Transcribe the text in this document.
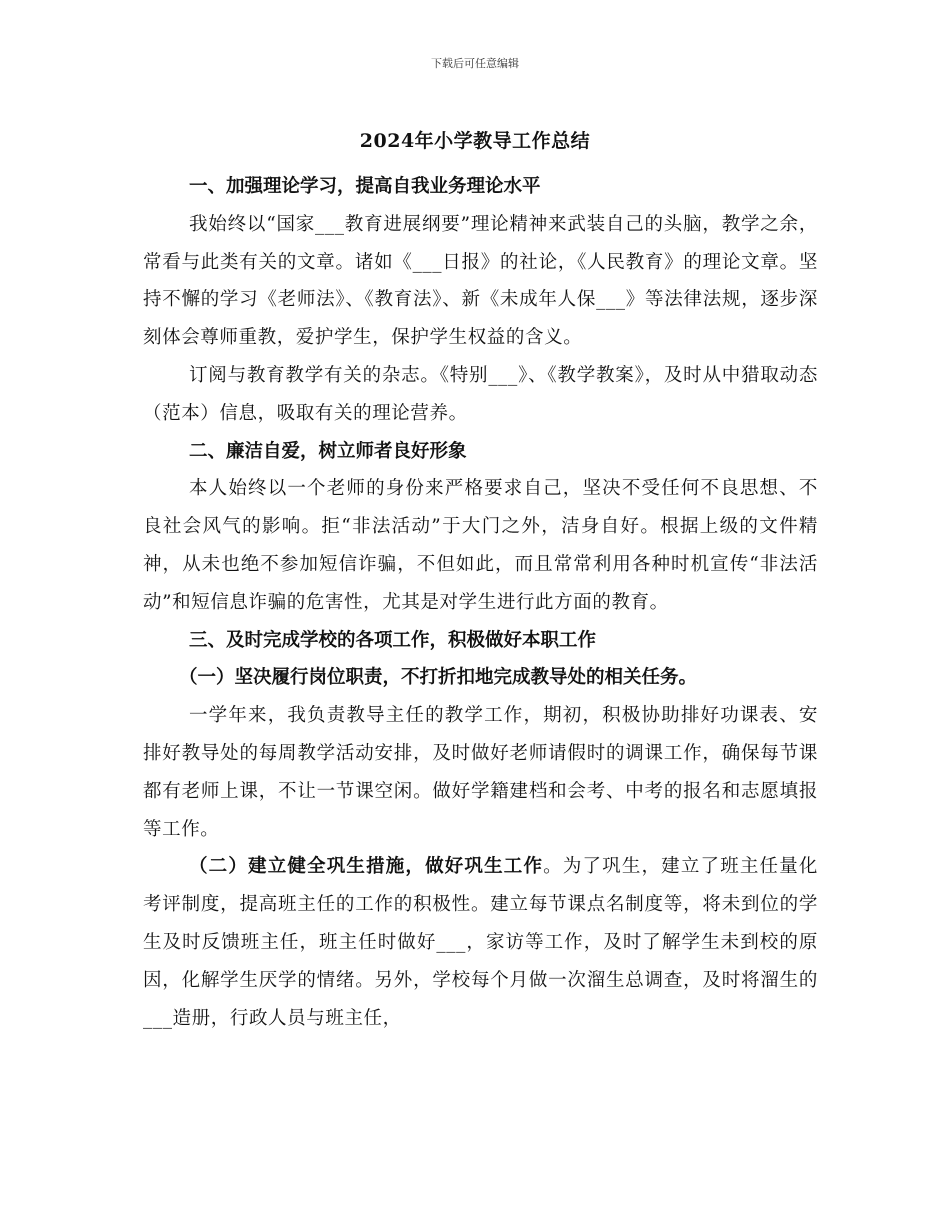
下载后可任意编辑
2024年小学教导工作总结

一、加强理论学习，提高自我业务理论水平

我始终以“国家___教育进展纲要”理论精神来武装自己的头脑，教学之余，常看与此类有关的文章。诸如《___日报》的社论，《人民教育》的理论文章。坚持不懈的学习《老师法》、《教育法》、新《未成年人保___》等法律法规，逐步深刻体会尊师重教，爱护学生，保护学生权益的含义。

订阅与教育教学有关的杂志。《特别___》、《教学教案》，及时从中猎取动态（范本）信息，吸取有关的理论营养。

二、廉洁自爱，树立师者良好形象

本人始终以一个老师的身份来严格要求自己，坚决不受任何不良思想、不良社会风气的影响。拒“非法活动”于大门之外，洁身自好。根据上级的文件精神，从未也绝不参加短信诈骗，不但如此，而且常常利用各种时机宣传“非法活动”和短信息诈骗的危害性，尤其是对学生进行此方面的教育。

三、及时完成学校的各项工作，积极做好本职工作

（一）坚决履行岗位职责，不打折扣地完成教导处的相关任务。

一学年来，我负责教导主任的教学工作，期初，积极协助排好功课表、安排好教导处的每周教学活动安排，及时做好老师请假时的调课工作，确保每节课都有老师上课，不让一节课空闲。做好学籍建档和会考、中考的报名和志愿填报等工作。

（二）建立健全巩生措施，做好巩生工作。为了巩生，建立了班主任量化考评制度，提高班主任的工作的积极性。建立每节课点名制度等，将未到位的学生及时反馈班主任，班主任时做好___，家访等工作，及时了解学生未到校的原因，化解学生厌学的情绪。另外，学校每个月做一次溜生总调查，及时将溜生的___造册，行政人员与班主任，
